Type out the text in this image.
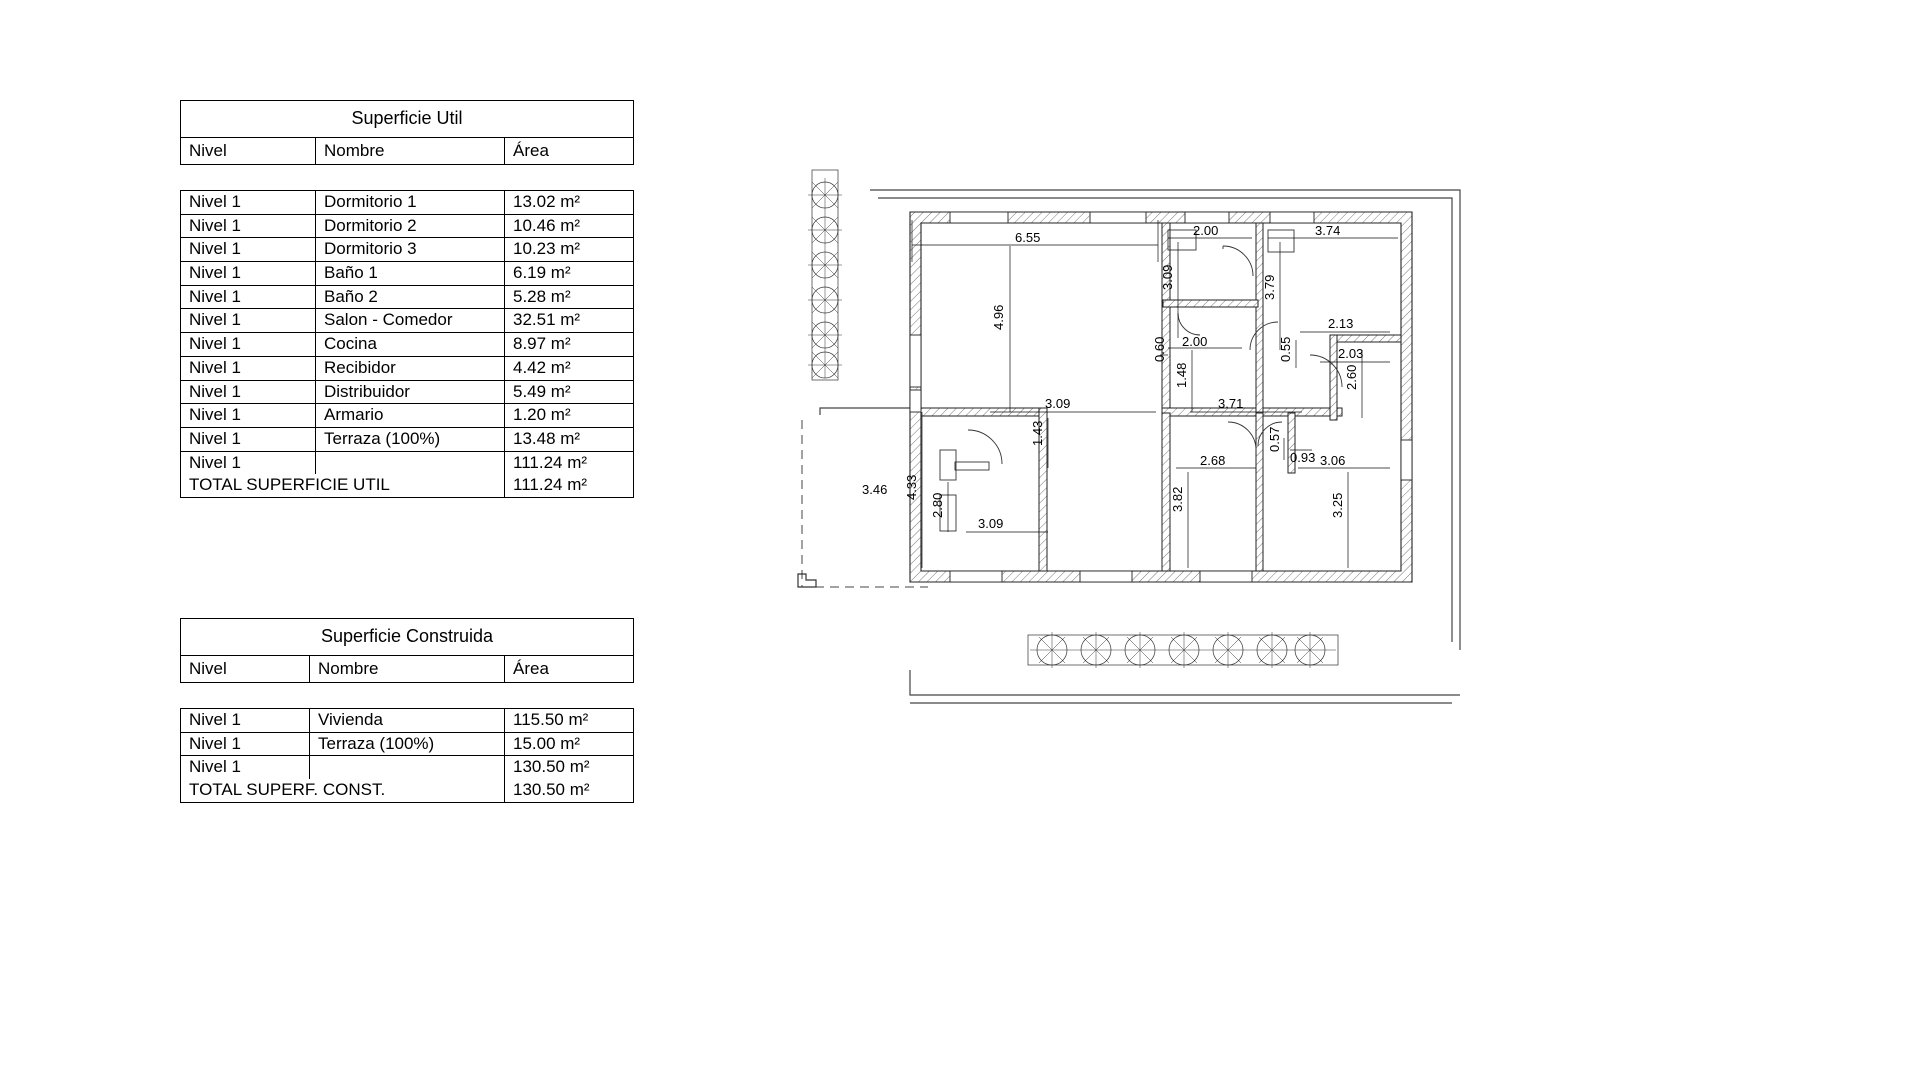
Superficie Util
Nivel	Nombre	Área
Nivel 1	Dormitorio 1	13.02 m²
Nivel 1	Dormitorio 2	10.46 m²
Nivel 1	Dormitorio 3	10.23 m²
Nivel 1	Baño 1	6.19 m²
Nivel 1	Baño 2	5.28 m²
Nivel 1	Salon - Comedor	32.51 m²
Nivel 1	Cocina	8.97 m²
Nivel 1	Recibidor	4.42 m²
Nivel 1	Distribuidor	5.49 m²
Nivel 1	Armario	1.20 m²
Nivel 1	Terraza (100%)	13.48 m²
Nivel 1		111.24 m²
TOTAL SUPERFICIE UTIL		111.24 m²
Superficie Construida
Nivel	Nombre	Área
Nivel 1	Vivienda	115.50 m²
Nivel 1	Terraza (100%)	15.00 m²
Nivel 1		130.50 m²
TOTAL SUPERF. CONST.		130.50 m²
6.55
4.96
2.00	3.74
3.09	3.79
2.13
2.00
0.60	0.55	2.03
2.60
1.48
3.71
3.09
1.43	0.57
0.93
2.68	3.06
3.82	3.25
3.46 4.33
2.80
3.09
